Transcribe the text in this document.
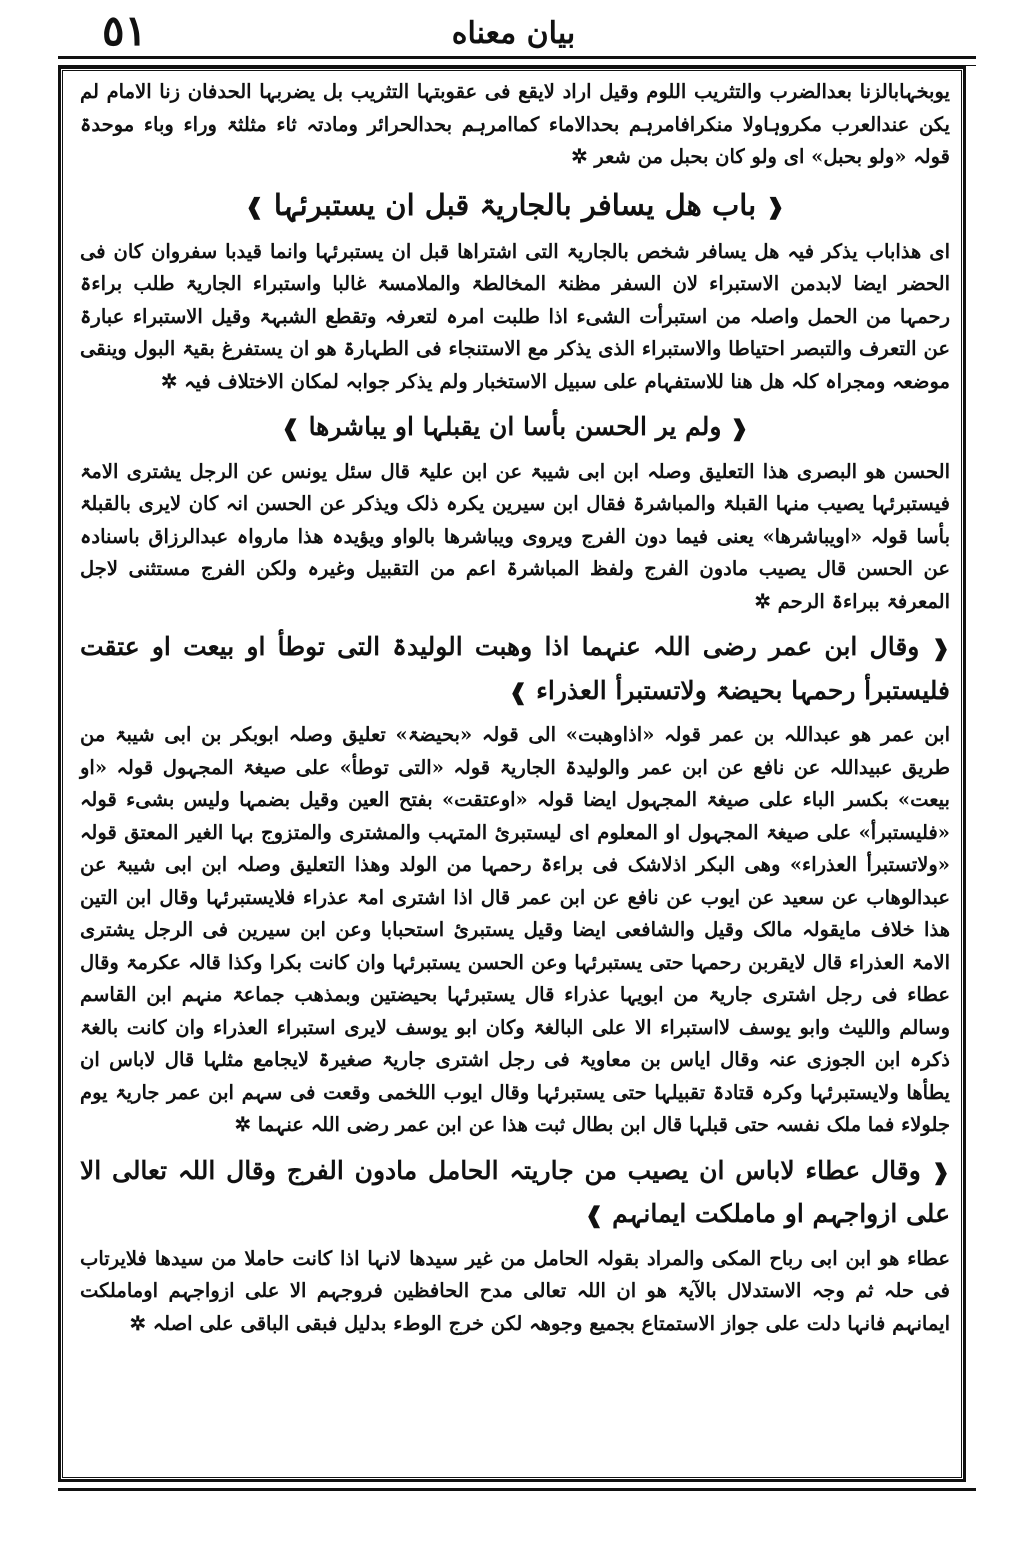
٥١	بیان معناه

یوبخہابالزنا بعدالضرب والتثریب اللوم وقیل اراد لایقع فی عقوبتہا التثریب بل یضربہا الحدفان زنا الامام لم یکن عندالعرب مکروہاولا منکرافامرہم بحدالاماء کماامرہم بحدالحرائر ومادتہ ثاء مثلثۃ وراء وباء موحدۃ قولہ «ولو بحبل» ای ولو کان بحبل من شعر ✲

❰ باب ھل یسافر بالجاریۃ قبل ان یستبرئہا ❱

ای ھذاباب یذکر فیہ ھل یسافر شخص بالجاریۃ التی اشتراھا قبل ان یستبرئہا وانما قیدبا سفروان کان فی الحضر ایضا لابدمن الاستبراء لان السفر مظنۃ المخالطۃ والملامسۃ غالبا واستبراء الجاریۃ طلب براءۃ رحمہا من الحمل واصلہ من استبرأت الشیء اذا طلبت امرہ لتعرفہ وتقطع الشبہۃ وقیل الاستبراء عبارۃ عن التعرف والتبصر احتیاطا والاستبراء الذی یذکر مع الاستنجاء فی الطہارۃ ھو ان یستفرغ بقیۃ البول وینقی موضعہ ومجراہ کلہ ھل ھنا للاستفہام علی سبیل الاستخبار ولم یذکر جوابہ لمکان الاختلاف فیہ ✲

❰ ولم یر الحسن بأسا ان یقبلہا او یباشرھا ❱

الحسن ھو البصری ھذا التعلیق وصلہ ابن ابی شیبۃ عن ابن علیۃ قال سئل یونس عن الرجل یشتری الامۃ فیستبرئہا یصیب منہا القبلۃ والمباشرۃ فقال ابن سیرین یکرہ ذلک ویذکر عن الحسن انہ کان لایری بالقبلۃ بأسا قولہ «اویباشرھا» یعنی فیما دون الفرج ویروی ویباشرھا بالواو ویؤیدہ ھذا مارواہ عبدالرزاق باسنادہ عن الحسن قال یصیب مادون الفرج ولفظ المباشرۃ اعم من التقبیل وغیرہ ولکن الفرج مستثنی لاجل المعرفۃ ببراءۃ الرحم ✲

❰ وقال ابن عمر رضی اللہ عنہما اذا وھبت الولیدۃ التی توطأ او بیعت او عتقت فلیستبرأ رحمہا بحیضۃ ولاتستبرأ العذراء ❱

ابن عمر ھو عبداللہ بن عمر قولہ «اذاوھبت» الی قولہ «بحیضۃ» تعلیق وصلہ ابوبکر بن ابی شیبۃ من طریق عبیداللہ عن نافع عن ابن عمر والولیدۃ الجاریۃ قولہ «التی توطأ» علی صیغۃ المجہول قولہ «او بیعت» بکسر الباء علی صیغۃ المجہول ایضا قولہ «اوعتقت» بفتح العین وقیل بضمہا ولیس بشیء قولہ «فلیستبرأ» علی صیغۃ المجہول او المعلوم ای لیستبرئ المتہب والمشتری والمتزوج بہا الغیر المعتق قولہ «ولاتستبرأ العذراء» وھی البکر اذلاشک فی براءۃ رحمہا من الولد وھذا التعلیق وصلہ ابن ابی شیبۃ عن عبدالوھاب عن سعید عن ایوب عن نافع عن ابن عمر قال اذا اشتری امۃ عذراء فلایستبرئہا وقال ابن التین ھذا خلاف مایقولہ مالک وقیل والشافعی ایضا وقیل یستبرئ استحبابا وعن ابن سیرین فی الرجل یشتری الامۃ العذراء قال لایقربن رحمہا حتی یستبرئہا وعن الحسن یستبرئہا وان کانت بکرا وکذا قالہ عکرمۃ وقال عطاء فی رجل اشتری جاریۃ من ابویہا عذراء قال یستبرئہا بحیضتین وبمذھب جماعۃ منہم ابن القاسم وسالم واللیث وابو یوسف لااستبراء الا علی البالغۃ وکان ابو یوسف لایری استبراء العذراء وان کانت بالغۃ ذکرہ ابن الجوزی عنہ وقال ایاس بن معاویۃ فی رجل اشتری جاریۃ صغیرۃ لایجامع مثلہا قال لاباس ان یطأھا ولایستبرئہا وکرہ قتادۃ تقبیلہا حتی یستبرئہا وقال ایوب اللخمی وقعت فی سہم ابن عمر جاریۃ یوم جلولاء فما ملک نفسہ حتی قبلہا قال ابن بطال ثبت ھذا عن ابن عمر رضی اللہ عنہما ✲

❰ وقال عطاء لاباس ان یصیب من جاریتہ الحامل مادون الفرج وقال اللہ تعالی الا علی ازواجہم او ماملکت ایمانہم ❱

عطاء ھو ابن ابی رباح المکی والمراد بقولہ الحامل من غیر سیدھا لانہا اذا کانت حاملا من سیدھا فلایرتاب فی حلہ ثم وجہ الاستدلال بالآیۃ ھو ان اللہ تعالی مدح الحافظین فروجہم الا علی ازواجہم اوماملکت ایمانہم فانہا دلت علی جواز الاستمتاع بجمیع وجوھہ لکن خرج الوطء بدلیل فبقی الباقی علی اصلہ ✲
